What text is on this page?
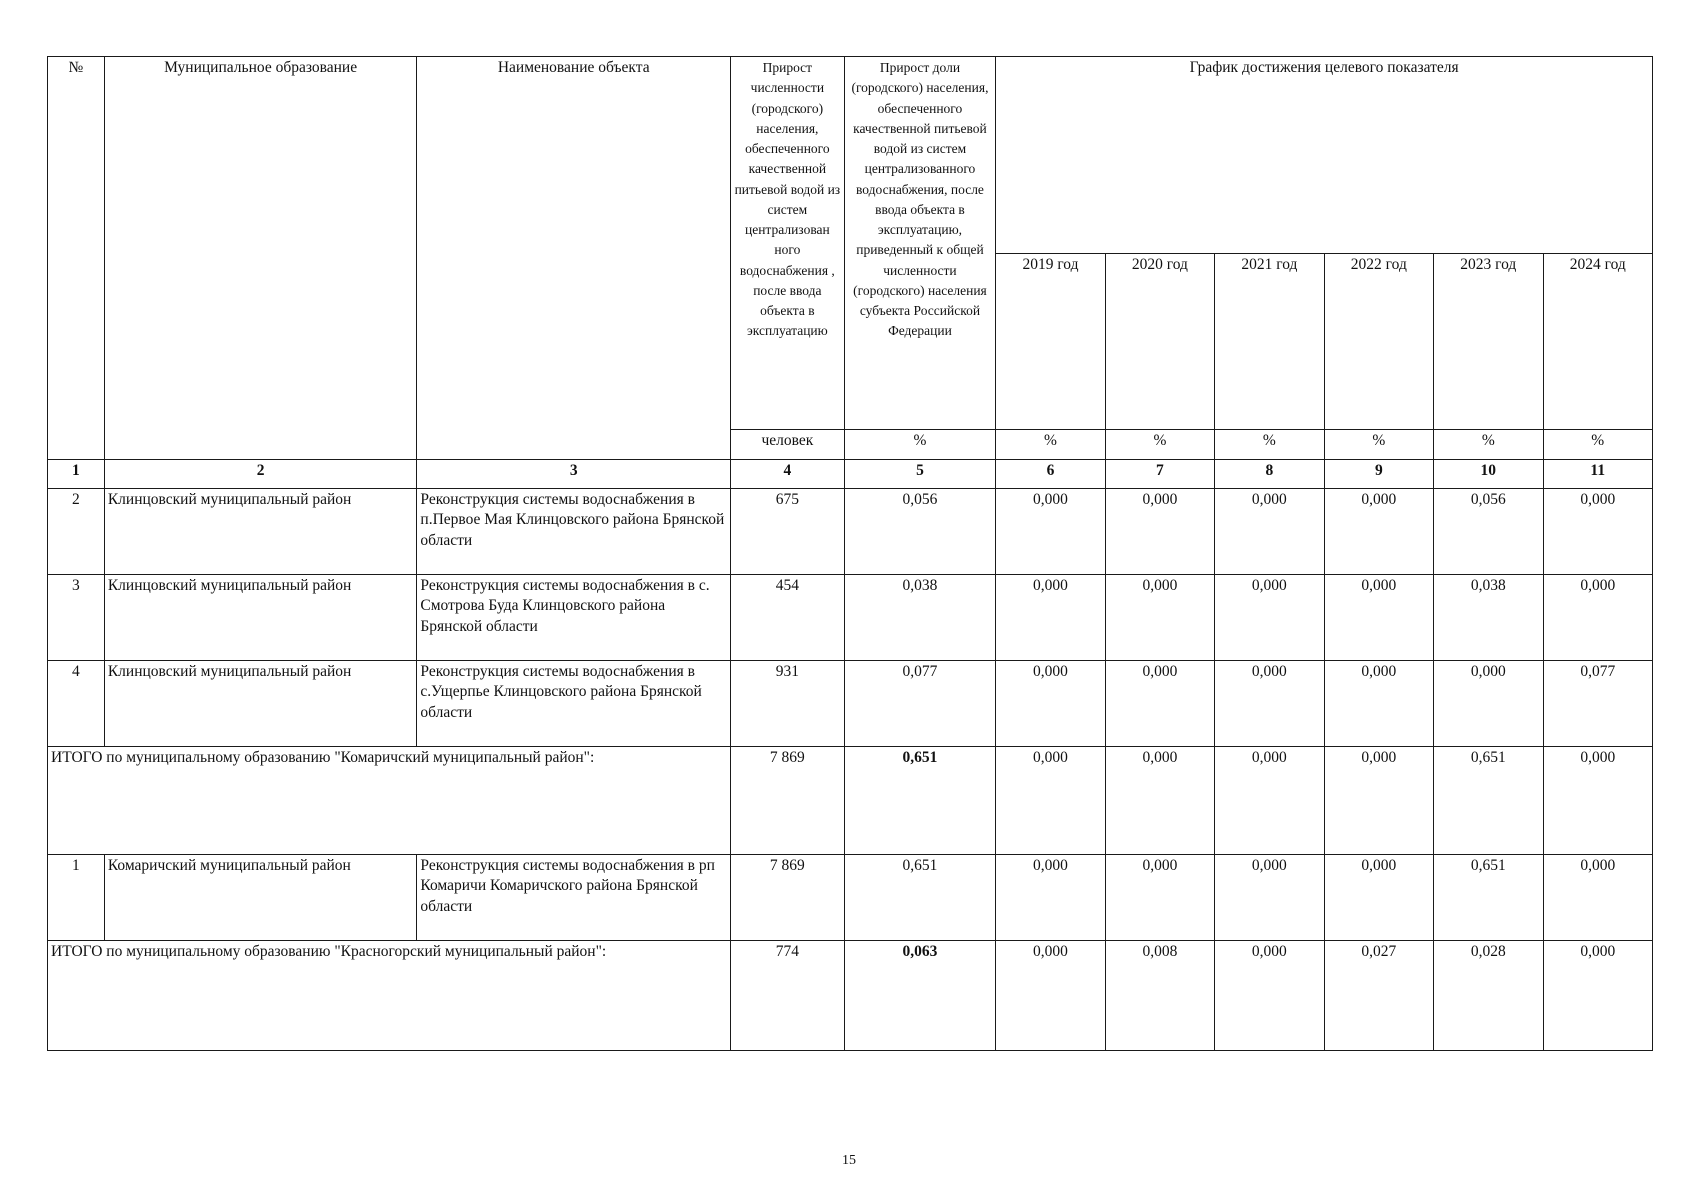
№	Муниципальное образование	Наименование объекта	Прирост численности (городского) населения, обеспеченного качественной питьевой водой из систем централизован ного водоснабжения , после ввода объекта в эксплуатацию	Прирост доли (городского) населения, обеспеченного качественной питьевой водой из систем централизованного водоснабжения, после ввода объекта в эксплуатацию, приведенный к общей численности (городского) населения субъекта Российской Федерации	График достижения целевого показателя					
					2019 год	2020 год	2021 год	2022 год	2023 год	2024 год
			человек	%	%	%	%	%	%	%
1	2	3	4	5	6	7	8	9	10	11
2	Клинцовский муниципальный район	Реконструкция системы водоснабжения в п.Первое Мая Клинцовского района Брянской области	675	0,056	0,000	0,000	0,000	0,000	0,056	0,000
3	Клинцовский муниципальный район	Реконструкция системы водоснабжения в с. Смотрова Буда Клинцовского района Брянской области	454	0,038	0,000	0,000	0,000	0,000	0,038	0,000
4	Клинцовский муниципальный район	Реконструкция системы водоснабжения в с.Ущерпье Клинцовского района Брянской области	931	0,077	0,000	0,000	0,000	0,000	0,000	0,077
ИТОГО по муниципальному образованию "Комаричский муниципальный район":			7 869	0,651	0,000	0,000	0,000	0,000	0,651	0,000
1	Комаричский муниципальный район	Реконструкция системы водоснабжения в рп Комаричи Комаричского района Брянской области	7 869	0,651	0,000	0,000	0,000	0,000	0,651	0,000
ИТОГО по муниципальному образованию "Красногорский муниципальный район":			774	0,063	0,000	0,008	0,000	0,027	0,028	0,000
15
